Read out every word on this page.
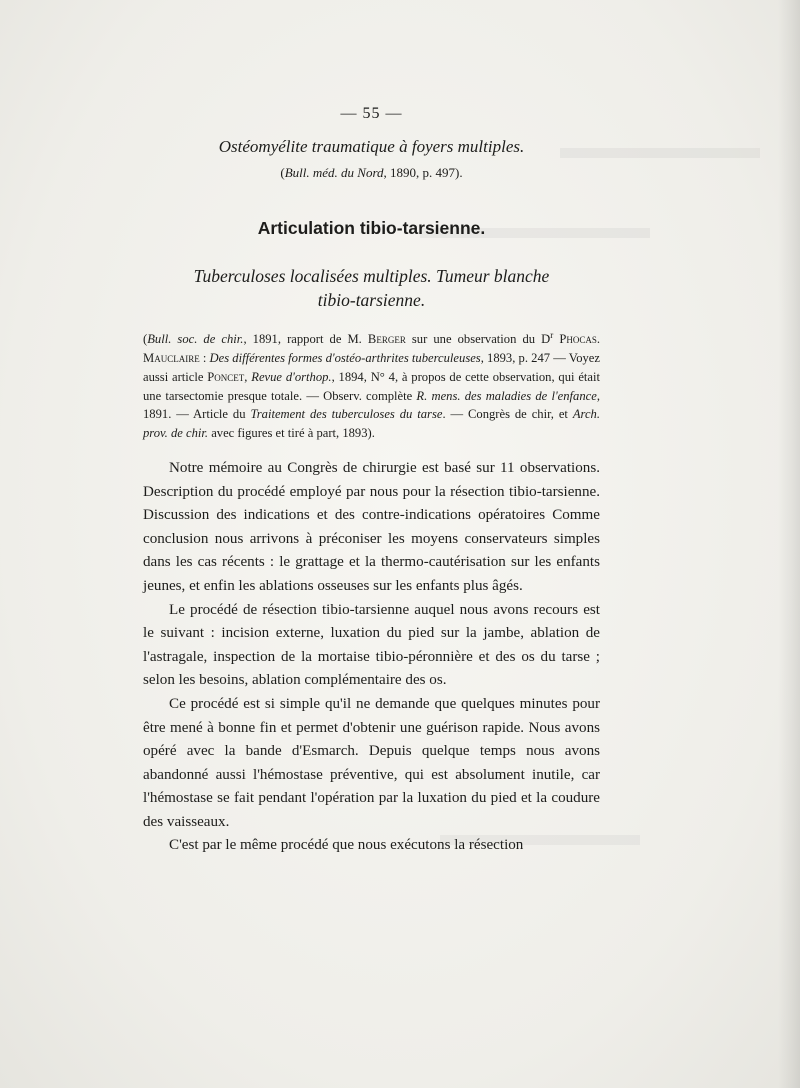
— 55 —
Ostéomyélite traumatique à foyers multiples.
(Bull. méd. du Nord, 1890, p. 497).
Articulation tibio-tarsienne.
Tuberculoses localisées multiples. Tumeur blanche
tibio-tarsienne.
(Bull. soc. de chir., 1891, rapport de M. Berger sur une observation du $D^r$ Phocas. Mauclaire : Des différentes formes d'ostéo-arthrites tuberculeuses, 1893, p. 247 — Voyez aussi article Poncet, Revue d'orthop., 1894, N° 4, à propos de cette observation, qui était une tarsectomie presque totale. — Observ. complète R. mens. des maladies de l'enfance, 1891. — Article du Traitement des tuberculoses du tarse. — Congrès de chir, et Arch. prov. de chir. avec figures et tiré à part, 1893).

Notre mémoire au Congrès de chirurgie est basé sur 11 observations. Description du procédé employé par nous pour la résection tibio-tarsienne. Discussion des indications et des contre-indications opératoires Comme conclusion nous arrivons à préconiser les moyens conservateurs simples dans les cas récents : le grattage et la thermo-cautérisation sur les enfants jeunes, et enfin les ablations osseuses sur les enfants plus âgés.

Le procédé de résection tibio-tarsienne auquel nous avons recours est le suivant : incision externe, luxation du pied sur la jambe, ablation de l'astragale, inspection de la mortaise tibio-péronnière et des os du tarse ; selon les besoins, ablation complémentaire des os.

Ce procédé est si simple qu'il ne demande que quelques minutes pour être mené à bonne fin et permet d'obtenir une guérison rapide. Nous avons opéré avec la bande d'Esmarch. Depuis quelque temps nous avons abandonné aussi l'hémostase préventive, qui est absolument inutile, car l'hémostase se fait pendant l'opération par la luxation du pied et la coudure des vaisseaux.

C'est par le même procédé que nous exécutons la résection
